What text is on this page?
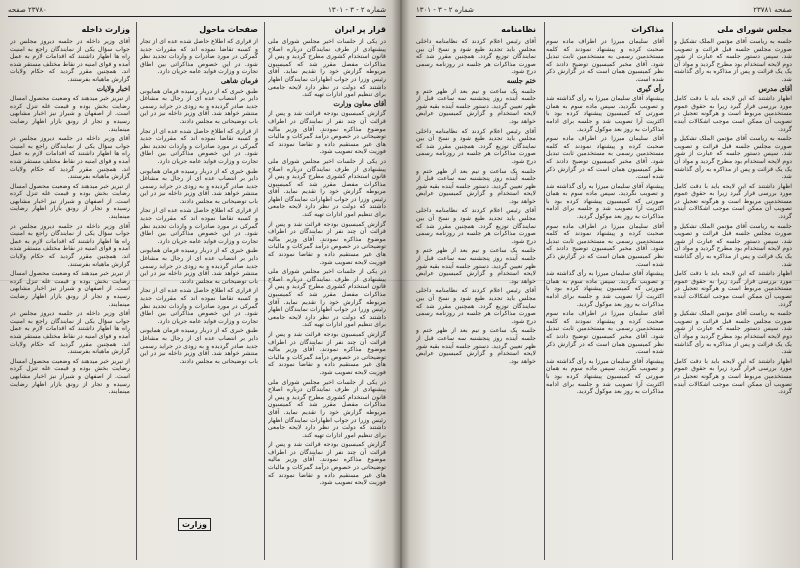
شماره ۲ - ۳ - ۱۳۰۱
۲۳۷۸۰ صفحه
قرار پر ایران

در یکی از جلسات اخیر مجلس شورای ملی پیشنهادی از طرف نمایندگان درباره اصلاح قانون استخدام کشوری مطرح گردید و پس از مذاکرات مفصل مقرر شد که کمیسیون مربوطه گزارش خود را تقدیم نماید. آقای رئیس وزرا در جواب اظهارات نمایندگان اظهار داشتند که دولت در نظر دارد لایحه جامعی برای تنظیم امور ادارات تهیه کند.

آقای معاون وزارت

گزارش کمیسیون بودجه قرائت شد و پس از قرائت آن چند نفر از نمایندگان در اطراف موضوع مذاکره نمودند. آقای وزیر مالیه توضیحاتی در خصوص درآمد گمرکات و مالیات های غیر مستقیم داده و تقاضا نمودند که فوریت لایحه تصویب شود.

در یکی از جلسات اخیر مجلس شورای ملی پیشنهادی از طرف نمایندگان درباره اصلاح قانون استخدام کشوری مطرح گردید و پس از مذاکرات مفصل مقرر شد که کمیسیون مربوطه گزارش خود را تقدیم نماید. آقای رئیس وزرا در جواب اظهارات نمایندگان اظهار داشتند که دولت در نظر دارد لایحه جامعی برای تنظیم امور ادارات تهیه کند.

گزارش کمیسیون بودجه قرائت شد و پس از قرائت آن چند نفر از نمایندگان در اطراف موضوع مذاکره نمودند. آقای وزیر مالیه توضیحاتی در خصوص درآمد گمرکات و مالیات های غیر مستقیم داده و تقاضا نمودند که فوریت لایحه تصویب شود.

در یکی از جلسات اخیر مجلس شورای ملی پیشنهادی از طرف نمایندگان درباره اصلاح قانون استخدام کشوری مطرح گردید و پس از مذاکرات مفصل مقرر شد که کمیسیون مربوطه گزارش خود را تقدیم نماید. آقای رئیس وزرا در جواب اظهارات نمایندگان اظهار داشتند که دولت در نظر دارد لایحه جامعی برای تنظیم امور ادارات تهیه کند.

گزارش کمیسیون بودجه قرائت شد و پس از قرائت آن چند نفر از نمایندگان در اطراف موضوع مذاکره نمودند. آقای وزیر مالیه توضیحاتی در خصوص درآمد گمرکات و مالیات های غیر مستقیم داده و تقاضا نمودند که فوریت لایحه تصویب شود.

در یکی از جلسات اخیر مجلس شورای ملی پیشنهادی از طرف نمایندگان درباره اصلاح قانون استخدام کشوری مطرح گردید و پس از مذاکرات مفصل مقرر شد که کمیسیون مربوطه گزارش خود را تقدیم نماید. آقای رئیس وزرا در جواب اظهارات نمایندگان اظهار داشتند که دولت در نظر دارد لایحه جامعی برای تنظیم امور ادارات تهیه کند.

گزارش کمیسیون بودجه قرائت شد و پس از قرائت آن چند نفر از نمایندگان در اطراف موضوع مذاکره نمودند. آقای وزیر مالیه توضیحاتی در خصوص درآمد گمرکات و مالیات های غیر مستقیم داده و تقاضا نمودند که فوریت لایحه تصویب شود.

صفحات ماحول

از قراری که اطلاع حاصل شده عده ای از تجار و کسبه تقاضا نموده اند که مقررات جدید گمرکی در مورد صادرات و واردات تجدید نظر شود. در این خصوص مذاکراتی بین اطاق تجارت و وزارت فواید عامه جریان دارد.

فرمان شاهی

طبق خبری که از دربار رسیده فرمان همایونی دایر بر انتصاب عده ای از رجال به مشاغل جدید صادر گردیده و به زودی در جراید رسمی منتشر خواهد شد. آقای وزیر داخله نیز در این باب توضیحاتی به مجلس دادند.

از قراری که اطلاع حاصل شده عده ای از تجار و کسبه تقاضا نموده اند که مقررات جدید گمرکی در مورد صادرات و واردات تجدید نظر شود. در این خصوص مذاکراتی بین اطاق تجارت و وزارت فواید عامه جریان دارد.

طبق خبری که از دربار رسیده فرمان همایونی دایر بر انتصاب عده ای از رجال به مشاغل جدید صادر گردیده و به زودی در جراید رسمی منتشر خواهد شد. آقای وزیر داخله نیز در این باب توضیحاتی به مجلس دادند.

از قراری که اطلاع حاصل شده عده ای از تجار و کسبه تقاضا نموده اند که مقررات جدید گمرکی در مورد صادرات و واردات تجدید نظر شود. در این خصوص مذاکراتی بین اطاق تجارت و وزارت فواید عامه جریان دارد.

طبق خبری که از دربار رسیده فرمان همایونی دایر بر انتصاب عده ای از رجال به مشاغل جدید صادر گردیده و به زودی در جراید رسمی منتشر خواهد شد. آقای وزیر داخله نیز در این باب توضیحاتی به مجلس دادند.

از قراری که اطلاع حاصل شده عده ای از تجار و کسبه تقاضا نموده اند که مقررات جدید گمرکی در مورد صادرات و واردات تجدید نظر شود. در این خصوص مذاکراتی بین اطاق تجارت و وزارت فواید عامه جریان دارد.

طبق خبری که از دربار رسیده فرمان همایونی دایر بر انتصاب عده ای از رجال به مشاغل جدید صادر گردیده و به زودی در جراید رسمی منتشر خواهد شد. آقای وزیر داخله نیز در این باب توضیحاتی به مجلس دادند.

وزارت داخله

آقای وزیر داخله در جلسه دیروز مجلس در جواب سؤال یکی از نمایندگان راجع به امنیت راه ها اظهار داشتند که اقدامات لازم به عمل آمده و قوای امنیه در نقاط مختلف مستقر شده اند. همچنین مقرر گردید که حکام ولایات گزارش ماهیانه بفرستند.

اخبار ولایات

از تبریز خبر میدهند که وضعیت محصول امسال رضایت بخش بوده و قیمت غله تنزل کرده است. از اصفهان و شیراز نیز اخبار مشابهی رسیده و تجار از رونق بازار اظهار رضایت مینمایند.

آقای وزیر داخله در جلسه دیروز مجلس در جواب سؤال یکی از نمایندگان راجع به امنیت راه ها اظهار داشتند که اقدامات لازم به عمل آمده و قوای امنیه در نقاط مختلف مستقر شده اند. همچنین مقرر گردید که حکام ولایات گزارش ماهیانه بفرستند.

از تبریز خبر میدهند که وضعیت محصول امسال رضایت بخش بوده و قیمت غله تنزل کرده است. از اصفهان و شیراز نیز اخبار مشابهی رسیده و تجار از رونق بازار اظهار رضایت مینمایند.

آقای وزیر داخله در جلسه دیروز مجلس در جواب سؤال یکی از نمایندگان راجع به امنیت راه ها اظهار داشتند که اقدامات لازم به عمل آمده و قوای امنیه در نقاط مختلف مستقر شده اند. همچنین مقرر گردید که حکام ولایات گزارش ماهیانه بفرستند.

از تبریز خبر میدهند که وضعیت محصول امسال رضایت بخش بوده و قیمت غله تنزل کرده است. از اصفهان و شیراز نیز اخبار مشابهی رسیده و تجار از رونق بازار اظهار رضایت مینمایند.

آقای وزیر داخله در جلسه دیروز مجلس در جواب سؤال یکی از نمایندگان راجع به امنیت راه ها اظهار داشتند که اقدامات لازم به عمل آمده و قوای امنیه در نقاط مختلف مستقر شده اند. همچنین مقرر گردید که حکام ولایات گزارش ماهیانه بفرستند.

از تبریز خبر میدهند که وضعیت محصول امسال رضایت بخش بوده و قیمت غله تنزل کرده است. از اصفهان و شیراز نیز اخبار مشابهی رسیده و تجار از رونق بازار اظهار رضایت مینمایند.

وزارت
صفحه ۲۳۷۸۱
شماره ۲ - ۳ - ۱۳۰۱
مجلس شورای ملی

جلسه به ریاست آقای مؤتمن الملک تشکیل و صورت مجلس جلسه قبل قرائت و تصویب شد. سپس دستور جلسه که عبارت از شور دوم لایحه استخدام بود مطرح گردید و مواد آن یک یک قرائت و پس از مذاکره به رأی گذاشته شد.

آقای مدرس

اظهار داشتند که این لایحه باید با دقت کامل مورد بررسی قرار گیرد زیرا به حقوق عموم مستخدمین مربوط است و هرگونه تعجیل در تصویب آن ممکن است موجب اشکالات آینده گردد.

جلسه به ریاست آقای مؤتمن الملک تشکیل و صورت مجلس جلسه قبل قرائت و تصویب شد. سپس دستور جلسه که عبارت از شور دوم لایحه استخدام بود مطرح گردید و مواد آن یک یک قرائت و پس از مذاکره به رأی گذاشته شد.

اظهار داشتند که این لایحه باید با دقت کامل مورد بررسی قرار گیرد زیرا به حقوق عموم مستخدمین مربوط است و هرگونه تعجیل در تصویب آن ممکن است موجب اشکالات آینده گردد.

جلسه به ریاست آقای مؤتمن الملک تشکیل و صورت مجلس جلسه قبل قرائت و تصویب شد. سپس دستور جلسه که عبارت از شور دوم لایحه استخدام بود مطرح گردید و مواد آن یک یک قرائت و پس از مذاکره به رأی گذاشته شد.

اظهار داشتند که این لایحه باید با دقت کامل مورد بررسی قرار گیرد زیرا به حقوق عموم مستخدمین مربوط است و هرگونه تعجیل در تصویب آن ممکن است موجب اشکالات آینده گردد.

جلسه به ریاست آقای مؤتمن الملک تشکیل و صورت مجلس جلسه قبل قرائت و تصویب شد. سپس دستور جلسه که عبارت از شور دوم لایحه استخدام بود مطرح گردید و مواد آن یک یک قرائت و پس از مذاکره به رأی گذاشته شد.

اظهار داشتند که این لایحه باید با دقت کامل مورد بررسی قرار گیرد زیرا به حقوق عموم مستخدمین مربوط است و هرگونه تعجیل در تصویب آن ممکن است موجب اشکالات آینده گردد.

مذاکرات

آقای سلیمان میرزا در اطراف ماده سوم صحبت کرده و پیشنهاد نمودند که کلمه مستخدمین رسمی به مستخدمین ثابت تبدیل شود. آقای مخبر کمیسیون توضیح دادند که نظر کمیسیون همان است که در گزارش ذکر شده است.

رأی گیری

پیشنهاد آقای سلیمان میرزا به رأی گذاشته شد و تصویب نگردید. سپس ماده سوم به همان صورتی که کمیسیون پیشنهاد کرده بود با اکثریت آرا تصویب شد و جلسه برای ادامه مذاکرات به روز بعد موکول گردید.

آقای سلیمان میرزا در اطراف ماده سوم صحبت کرده و پیشنهاد نمودند که کلمه مستخدمین رسمی به مستخدمین ثابت تبدیل شود. آقای مخبر کمیسیون توضیح دادند که نظر کمیسیون همان است که در گزارش ذکر شده است.

پیشنهاد آقای سلیمان میرزا به رأی گذاشته شد و تصویب نگردید. سپس ماده سوم به همان صورتی که کمیسیون پیشنهاد کرده بود با اکثریت آرا تصویب شد و جلسه برای ادامه مذاکرات به روز بعد موکول گردید.

آقای سلیمان میرزا در اطراف ماده سوم صحبت کرده و پیشنهاد نمودند که کلمه مستخدمین رسمی به مستخدمین ثابت تبدیل شود. آقای مخبر کمیسیون توضیح دادند که نظر کمیسیون همان است که در گزارش ذکر شده است.

پیشنهاد آقای سلیمان میرزا به رأی گذاشته شد و تصویب نگردید. سپس ماده سوم به همان صورتی که کمیسیون پیشنهاد کرده بود با اکثریت آرا تصویب شد و جلسه برای ادامه مذاکرات به روز بعد موکول گردید.

آقای سلیمان میرزا در اطراف ماده سوم صحبت کرده و پیشنهاد نمودند که کلمه مستخدمین رسمی به مستخدمین ثابت تبدیل شود. آقای مخبر کمیسیون توضیح دادند که نظر کمیسیون همان است که در گزارش ذکر شده است.

پیشنهاد آقای سلیمان میرزا به رأی گذاشته شد و تصویب نگردید. سپس ماده سوم به همان صورتی که کمیسیون پیشنهاد کرده بود با اکثریت آرا تصویب شد و جلسه برای ادامه مذاکرات به روز بعد موکول گردید.

نظامنامه

آقای رئیس اعلام کردند که نظامنامه داخلی مجلس باید تجدید طبع شود و نسخ آن بین نمایندگان توزیع گردد. همچنین مقرر شد که صورت مذاکرات هر جلسه در روزنامه رسمی درج شود.

ختم جلسه

جلسه یک ساعت و نیم بعد از ظهر ختم و جلسه آینده روز پنجشنبه سه ساعت قبل از ظهر تعیین گردید. دستور جلسه آینده بقیه شور لایحه استخدام و گزارش کمیسیون عرایض خواهد بود.

آقای رئیس اعلام کردند که نظامنامه داخلی مجلس باید تجدید طبع شود و نسخ آن بین نمایندگان توزیع گردد. همچنین مقرر شد که صورت مذاکرات هر جلسه در روزنامه رسمی درج شود.

جلسه یک ساعت و نیم بعد از ظهر ختم و جلسه آینده روز پنجشنبه سه ساعت قبل از ظهر تعیین گردید. دستور جلسه آینده بقیه شور لایحه استخدام و گزارش کمیسیون عرایض خواهد بود.

آقای رئیس اعلام کردند که نظامنامه داخلی مجلس باید تجدید طبع شود و نسخ آن بین نمایندگان توزیع گردد. همچنین مقرر شد که صورت مذاکرات هر جلسه در روزنامه رسمی درج شود.

جلسه یک ساعت و نیم بعد از ظهر ختم و جلسه آینده روز پنجشنبه سه ساعت قبل از ظهر تعیین گردید. دستور جلسه آینده بقیه شور لایحه استخدام و گزارش کمیسیون عرایض خواهد بود.

آقای رئیس اعلام کردند که نظامنامه داخلی مجلس باید تجدید طبع شود و نسخ آن بین نمایندگان توزیع گردد. همچنین مقرر شد که صورت مذاکرات هر جلسه در روزنامه رسمی درج شود.

جلسه یک ساعت و نیم بعد از ظهر ختم و جلسه آینده روز پنجشنبه سه ساعت قبل از ظهر تعیین گردید. دستور جلسه آینده بقیه شور لایحه استخدام و گزارش کمیسیون عرایض خواهد بود.
